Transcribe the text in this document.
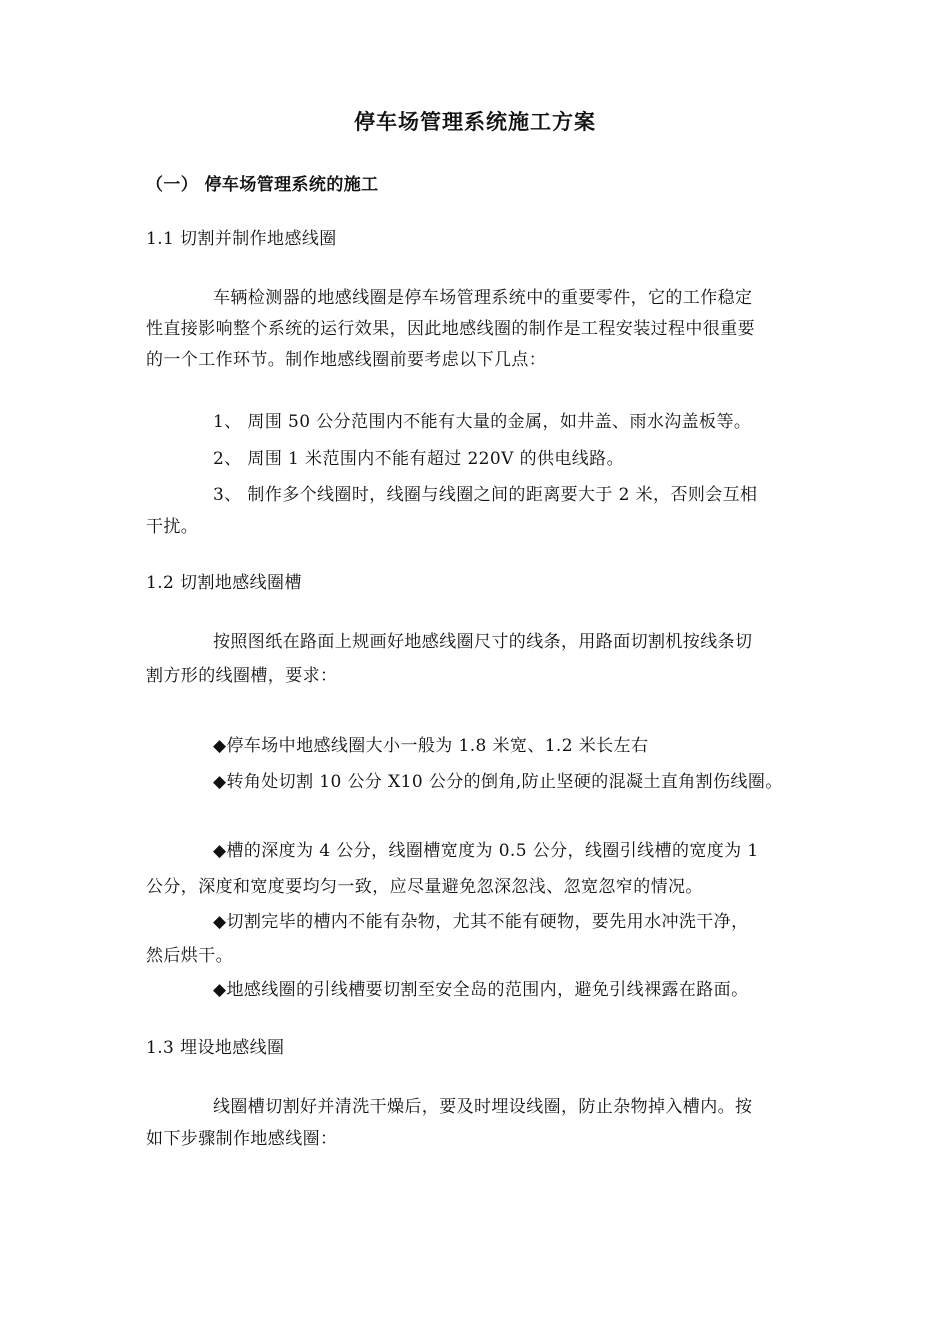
停车场管理系统施工方案
（一） 停车场管理系统的施工
1.1 切割并制作地感线圈
车辆检测器的地感线圈是停车场管理系统中的重要零件，它的工作稳定
性直接影响整个系统的运行效果，因此地感线圈的制作是工程安装过程中很重要
的一个工作环节。制作地感线圈前要考虑以下几点：
1、 周围 50 公分范围内不能有大量的金属，如井盖、雨水沟盖板等。
2、 周围 1 米范围内不能有超过 220V 的供电线路。
3、 制作多个线圈时，线圈与线圈之间的距离要大于 2 米，否则会互相
干扰。
1.2 切割地感线圈槽
按照图纸在路面上规画好地感线圈尺寸的线条，用路面切割机按线条切
割方形的线圈槽，要求：
◆停车场中地感线圈大小一般为 1.8 米宽、1.2 米长左右
◆转角处切割 10 公分 X10 公分的倒角,防止坚硬的混凝土直角割伤线圈。
◆槽的深度为 4 公分，线圈槽宽度为 0.5 公分，线圈引线槽的宽度为 1
公分，深度和宽度要均匀一致，应尽量避免忽深忽浅、忽宽忽窄的情况。
◆切割完毕的槽内不能有杂物，尤其不能有硬物，要先用水冲洗干净，
然后烘干。
◆地感线圈的引线槽要切割至安全岛的范围内，避免引线裸露在路面。
1.3 埋设地感线圈
线圈槽切割好并清洗干燥后，要及时埋设线圈，防止杂物掉入槽内。按
如下步骤制作地感线圈：
